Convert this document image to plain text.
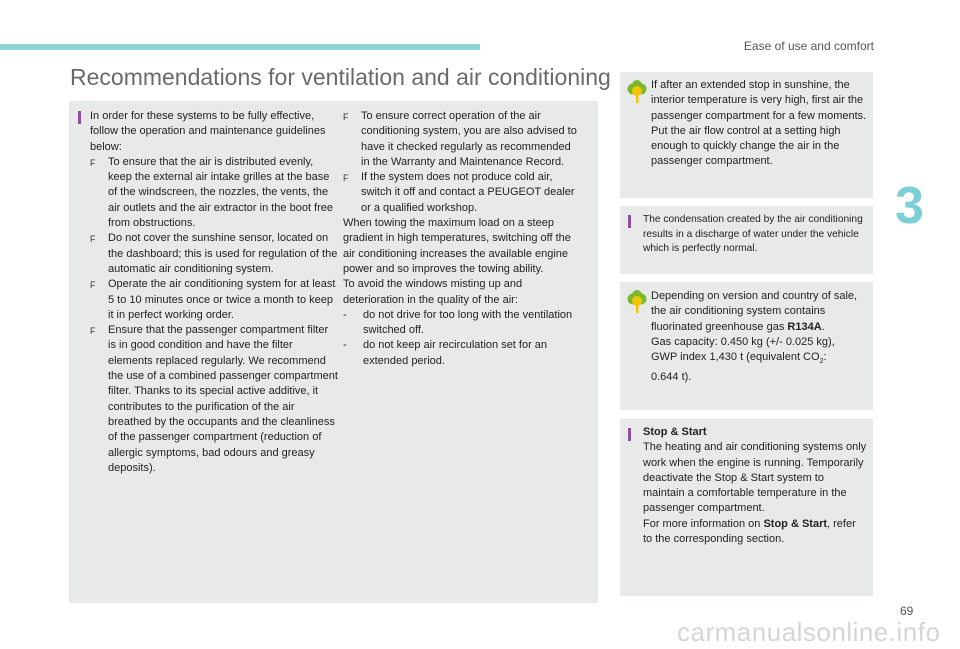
Ease of use and comfort
3
Recommendations for ventilation and air conditioning
In order for these systems to be fully effective, follow the operation and maintenance guidelines below:
F	To ensure that the air is distributed evenly, keep the external air intake grilles at the base of the windscreen, the nozzles, the vents, the air outlets and the air extractor in the boot free from obstructions.
F	Do not cover the sunshine sensor, located on the dashboard; this is used for regulation of the automatic air conditioning system.
F	Operate the air conditioning system for at least 5 to 10 minutes once or twice a month to keep it in perfect working order.
F	Ensure that the passenger compartment filter is in good condition and have the filter elements replaced regularly. We recommend the use of a combined passenger compartment filter. Thanks to its special active additive, it contributes to the purification of the air breathed by the occupants and the cleanliness of the passenger compartment (reduction of allergic symptoms, bad odours and greasy deposits).
F	To ensure correct operation of the air conditioning system, you are also advised to have it checked regularly as recommended in the Warranty and Maintenance Record.
F	If the system does not produce cold air, switch it off and contact a PEUGEOT dealer or a qualified workshop.
When towing the maximum load on a steep gradient in high temperatures, switching off the air conditioning increases the available engine power and so improves the towing ability.
To avoid the windows misting up and deterioration in the quality of the air:
-	do not drive for too long with the ventilation switched off.
-	do not keep air recirculation set for an extended period.
If after an extended stop in sunshine, the interior temperature is very high, first air the passenger compartment for a few moments.
Put the air flow control at a setting high enough to quickly change the air in the passenger compartment.
The condensation created by the air conditioning results in a discharge of water under the vehicle which is perfectly normal.
Depending on version and country of sale, the air conditioning system contains fluorinated greenhouse gas R134A.
Gas capacity: 0.450 kg (+/- 0.025 kg),
GWP index 1,430 t (equivalent $CO_2$:
0.644 t).
Stop & Start
The heating and air conditioning systems only work when the engine is running. Temporarily deactivate the Stop & Start system to maintain a comfortable temperature in the passenger compartment.
For more information on Stop & Start, refer to the corresponding section.
69
carmanualsonline.info
